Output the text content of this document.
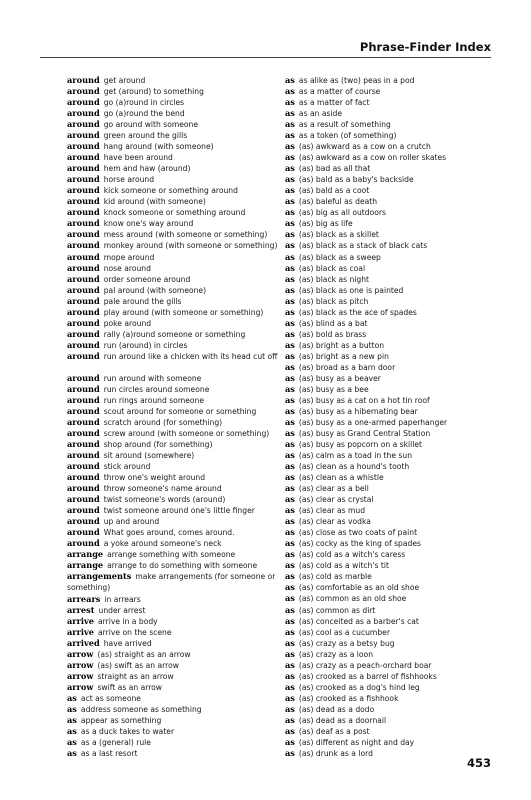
Phrase-Finder Index
around get around
around get (around) to something
around go (a)round in circles
around go (a)round the bend
around go around with someone
around green around the gills
around hang around (with someone)
around have been around
around hem and haw (around)
around horse around
around kick someone or something around
around kid around (with someone)
around knock someone or something around
around know one's way around
around mess around (with someone or something)
around monkey around (with someone or something)
around mope around
around nose around
around order someone around
around pal around (with someone)
around pale around the gills
around play around (with someone or something)
around poke around
around rally (a)round someone or something
around run (around) in circles
around run around like a chicken with its head cut off
around run around with someone
around run circles around someone
around run rings around someone
around scout around for someone or something
around scratch around (for something)
around screw around (with someone or something)
around shop around (for something)
around sit around (somewhere)
around stick around
around throw one's weight around
around throw someone's name around
around twist someone's words (around)
around twist someone around one's little finger
around up and around
around What goes around, comes around.
around a yoke around someone's neck
arrange arrange something with someone
arrange arrange to do something with someone
arrangements make arrangements (for someone or something)
arrears in arrears
arrest under arrest
arrive arrive in a body
arrive arrive on the scene
arrived have arrived
arrow (as) straight as an arrow
arrow (as) swift as an arrow
arrow straight as an arrow
arrow swift as an arrow
as act as someone
as address someone as something
as appear as something
as as a duck takes to water
as as a (general) rule
as as a last resort
as as alike as (two) peas in a pod
as as a matter of course
as as a matter of fact
as as an aside
as as a result of something
as as a token (of something)
as (as) awkward as a cow on a crutch
as (as) awkward as a cow on roller skates
as (as) bad as all that
as (as) bald as a baby's backside
as (as) bald as a coot
as (as) baleful as death
as (as) big as all outdoors
as (as) big as life
as (as) black as a skillet
as (as) black as a stack of black cats
as (as) black as a sweep
as (as) black as coal
as (as) black as night
as (as) black as one is painted
as (as) black as pitch
as (as) black as the ace of spades
as (as) blind as a bat
as (as) bold as brass
as (as) bright as a button
as (as) bright as a new pin
as (as) broad as a barn door
as (as) busy as a beaver
as (as) busy as a bee
as (as) busy as a cat on a hot tin roof
as (as) busy as a hibernating bear
as (as) busy as a one-armed paperhanger
as (as) busy as Grand Central Station
as (as) busy as popcorn on a skillet
as (as) calm as a toad in the sun
as (as) clean as a hound's tooth
as (as) clean as a whistle
as (as) clear as a bell
as (as) clear as crystal
as (as) clear as mud
as (as) clear as vodka
as (as) close as two coats of paint
as (as) cocky as the king of spades
as (as) cold as a witch's caress
as (as) cold as a witch's tit
as (as) cold as marble
as (as) comfortable as an old shoe
as (as) common as an old shoe
as (as) common as dirt
as (as) conceited as a barber's cat
as (as) cool as a cucumber
as (as) crazy as a betsy bug
as (as) crazy as a loon
as (as) crazy as a peach-orchard boar
as (as) crooked as a barrel of fishhooks
as (as) crooked as a dog's hind leg
as (as) crooked as a fishhook
as (as) dead as a dodo
as (as) dead as a doornail
as (as) deaf as a post
as (as) different as night and day
as (as) drunk as a lord
453
